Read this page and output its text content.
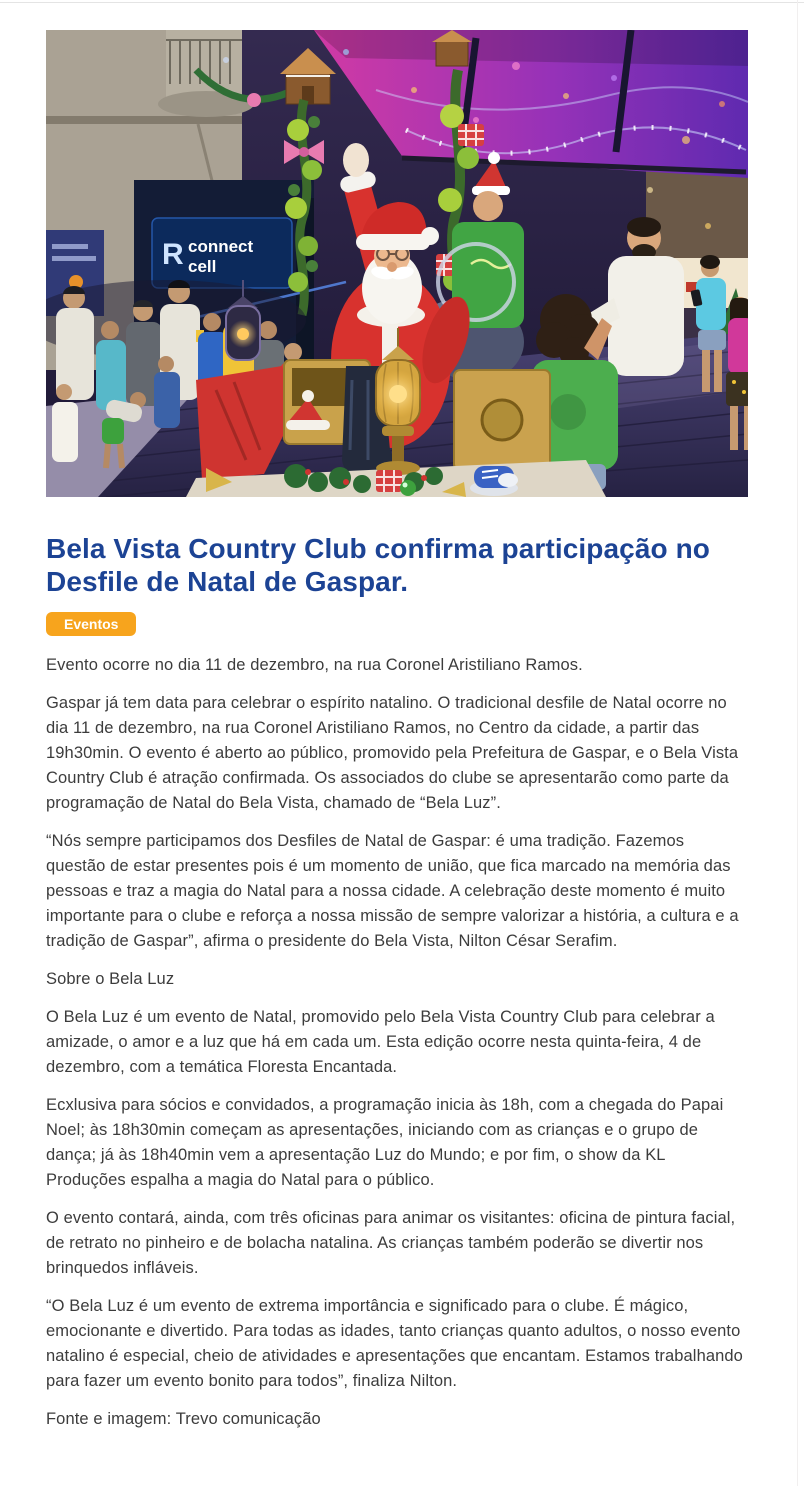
R connect
cell
Bela Vista Country Club confirma participação no Desfile de Natal de Gaspar.
Eventos

Evento ocorre no dia 11 de dezembro, na rua Coronel Aristiliano Ramos.

Gaspar já tem data para celebrar o espírito natalino. O tradicional desfile de Natal ocorre no dia 11 de dezembro, na rua Coronel Aristiliano Ramos, no Centro da cidade, a partir das 19h30min. O evento é aberto ao público, promovido pela Prefeitura de Gaspar, e o Bela Vista Country Club é atração confirmada. Os associados do clube se apresentarão como parte da programação de Natal do Bela Vista, chamado de “Bela Luz”.

“Nós sempre participamos dos Desfiles de Natal de Gaspar: é uma tradição. Fazemos questão de estar presentes pois é um momento de união, que fica marcado na memória das pessoas e traz a magia do Natal para a nossa cidade. A celebração deste momento é muito importante para o clube e reforça a nossa missão de sempre valorizar a história, a cultura e a tradição de Gaspar”, afirma o presidente do Bela Vista, Nilton César Serafim.

Sobre o Bela Luz

O Bela Luz é um evento de Natal, promovido pelo Bela Vista Country Club para celebrar a amizade, o amor e a luz que há em cada um. Esta edição ocorre nesta quinta-feira, 4 de dezembro, com a temática Floresta Encantada.

Ecxlusiva para sócios e convidados, a programação inicia às 18h, com a chegada do Papai Noel; às 18h30min começam as apresentações, iniciando com as crianças e o grupo de dança; já às 18h40min vem a apresentação Luz do Mundo; e por fim, o show da KL Produções espalha a magia do Natal para o público.

O evento contará, ainda, com três oficinas para animar os visitantes: oficina de pintura facial, de retrato no pinheiro e de bolacha natalina. As crianças também poderão se divertir nos brinquedos infláveis.

“O Bela Luz é um evento de extrema importância e significado para o clube. É mágico, emocionante e divertido. Para todas as idades, tanto crianças quanto adultos, o nosso evento natalino é especial, cheio de atividades e apresentações que encantam. Estamos trabalhando para fazer um evento bonito para todos”, finaliza Nilton.

Fonte e imagem: Trevo comunicação
